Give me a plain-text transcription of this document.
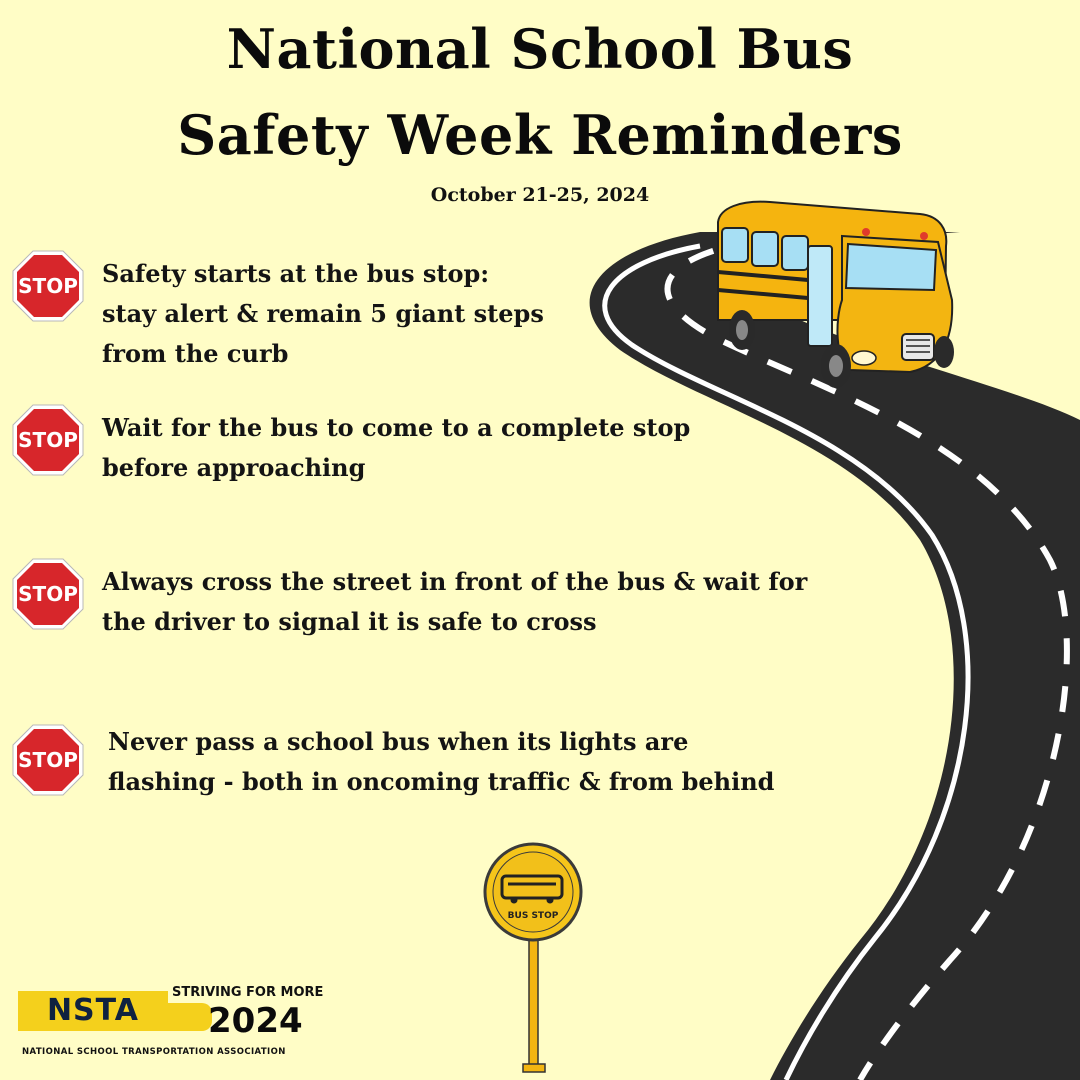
BUS STOP
National School Bus
Safety Week Reminders
October 21-25, 2024
STOP
STOP
STOP
STOP
Safety starts at the bus stop:
stay alert & remain 5 giant steps
from the curb
Wait for the bus to come to a complete stop
before approaching
Always cross the street in front of the bus & wait for
the driver to signal it is safe to cross
Never pass a school bus when its lights are
flashing - both in oncoming traffic & from behind
NSTA
STRIVING FOR MORE
2024
NATIONAL SCHOOL TRANSPORTATION ASSOCIATION
